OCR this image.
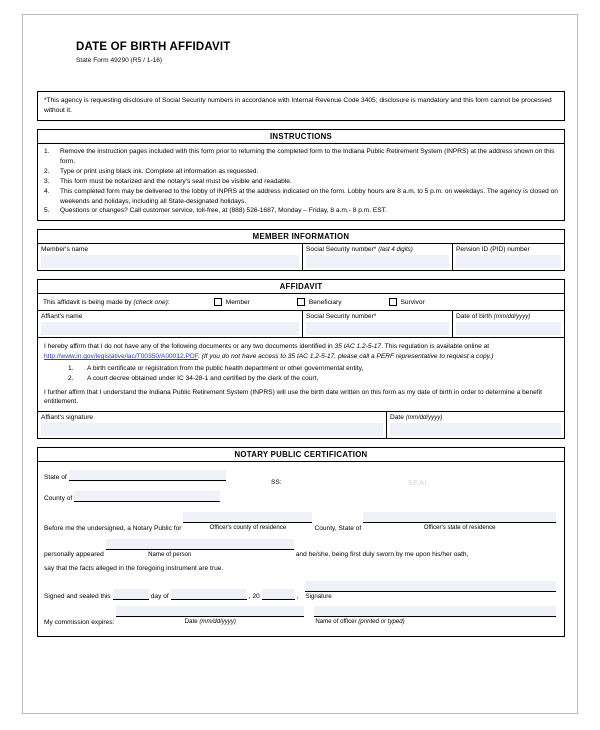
DATE OF BIRTH AFFIDAVIT
State Form 49290 (R5 / 1-16)
*This agency is requesting disclosure of Social Security numbers in accordance with Internal Revenue Code 3405; disclosure is mandatory and this form cannot be processed without it.
INSTRUCTIONS
1.	Remove the instruction pages included with this form prior to returning the completed form to the Indiana Public Retirement System (INPRS) at the address shown on this form.
2.	Type or print using black ink. Complete all information as requested.
3.	This form must be notarized and the notary's seal must be visible and readable.
4.	This completed form may be delivered to the lobby of INPRS at the address indicated on the form. Lobby hours are 8 a.m. to 5 p.m. on weekdays. The agency is closed on weekends and holidays, including all State-designated holidays.
5.	Questions or changes? Call customer service, toll-free, at (888) 526-1687, Monday – Friday, 8 a.m.- 8 p.m. EST.
MEMBER INFORMATION
Member's name	Social Security number* (last 4 digits)	Pension ID (PID) number
AFFIDAVIT
This affidavit is being made by (check one):	Member	Beneficiary	Survivor
Affiant's name	Social Security number*	Date of birth (mm/dd/yyyy)

I hereby affirm that I do not have any of the following documents or any two documents identified in 35 IAC 1.2-5-17. This regulation is available online at http://www.in.gov/legislative/iac/T00350/A00012.PDF. (If you do not have access to 35 IAC 1.2-5-17, please call a PERF representative to request a copy.)

1.	A birth certificate or registration from the public health department or other governmental entity,
2.	A court decree obtained under IC 34-28-1 and certified by the clerk of the court,

I further affirm that I understand the Indiana Public Retirement System (INPRS) will use the birth date written on this form as my date of birth in order to determine a benefit entitlement.

Affiant's signature	Date (mm/dd/yyyy)
NOTARY PUBLIC CERTIFICATION
SS:	SEAL
State of
County of
Before me the undersigned, a Notary Public for	Officer's county of residence	County, State of	Officer's state of residence
personally appeared	Name of person	and he/she, being first duly sworn by me upon his/her oath,
say that the facts alleged in the foregoing instrument are true.
Signed and sealed this	day of	, 20	, Signature
My commission expires:	Date (mm/dd/yyyy)	Name of officer (printed or typed)
